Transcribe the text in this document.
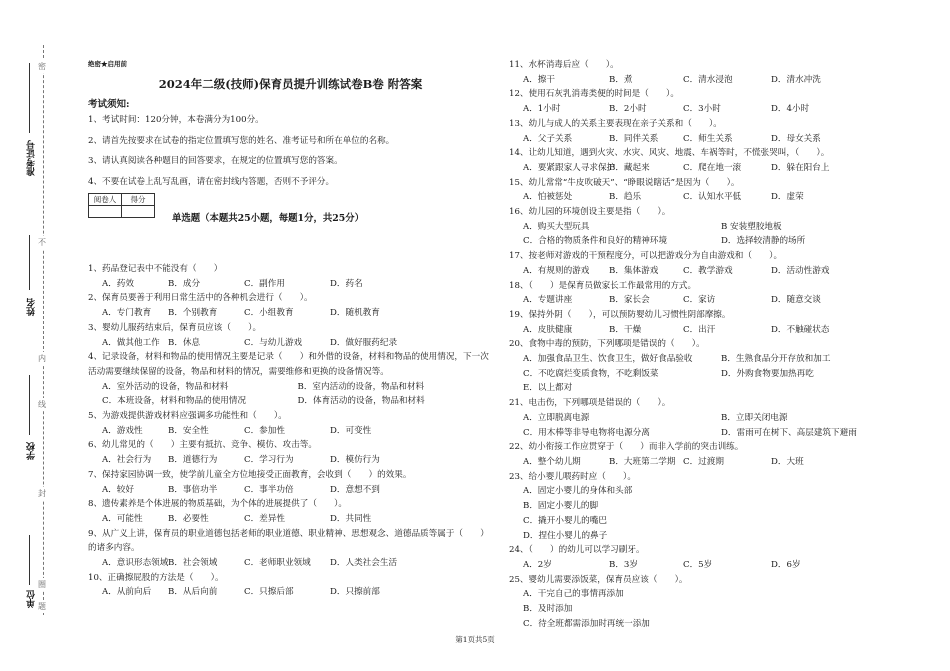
准考证号
姓名
学校
单位
密
不
内
线
封
圈
题
绝密★启用前
2024年二级(技师)保育员提升训练试卷B卷 附答案
考试须知:
1、考试时间：120分钟，本卷满分为100分。
2、请首先按要求在试卷的指定位置填写您的姓名、准考证号和所在单位的名称。
3、请认真阅读各种题目的回答要求，在规定的位置填写您的答案。
4、不要在试卷上乱写乱画，请在密封线内答题，否则不予评分。
阅卷人	得分

单选题（本题共25小题，每题1分，共25分）
1、药品登记表中不能没有（　　）
A．药效	B．成分	C．副作用	D．药名
2、保育员要善于利用日常生活中的各种机会进行（　　）。
A．专门教育	B．个别教育	C．小组教育	D．随机教育
3、婴幼儿服药结束后，保育员应该（　　）。
A．做其他工作 B．休息	C．与幼儿游戏	D．做好服药纪录
4、记录设备，材料和物品的使用情况主要是记录（　　）和外借的设备，材料和物品的使用情况，下一次活动需要继续保留的设备，物品和材料的情况，需要维修和更换的设备情况等。
A．室外活动的设备，物品和材料	B．室内活动的设备，物品和材料
C．本班设备，材料和物品的使用情况	D．体育活动的设备，物品和材料
5、为游戏提供游戏材料应强调多功能性和（　　）。
A．游戏性	B．安全性	C．参加性	D．可变性
6、幼儿常见的（　　）主要有抵抗、竞争、模仿、攻击等。
A．社会行为	B．道德行为	C．学习行为	D．模仿行为
7、保持家园协调一致，使学前儿童全方位地接受正面教育，会收到（　　）的效果。
A．较好	B．事倍功半	C．事半功倍	D．意想不到
8、遗传素养是个体进展的物质基础，为个体的进展提供了（　　）。
A．可能性	B．必要性	C．差异性	D．共同性
9、从广义上讲，保育员的职业道德包括老师的职业道德、职业精神、思想观念、道德品质等属于（　　）的诸多内容。
A．意识形态领域 B．社会领域	C．老师职业领域	D．人类社会生活
10、正确擦屁股的方法是（　　）。
A．从前向后	B．从后向前	C．只擦后部	D．只擦前部
11、水杯消毒后应（　　）。
A．擦干	B．煮	C．清水浸泡	D．清水冲洗
12、使用石灰乳消毒类便的时间是（　　）。
A．1小时	B．2小时	C．3小时	D．4小时
13、幼儿与成人的关系主要表现在亲子关系和（　　）。
A．父子关系	B．同伴关系	C．师生关系	D．母女关系
14、让幼儿知道，遇到火灾、水灾、风灾、地震、车祸等时，不慌张哭叫，（　　）。
A．要紧跟家人寻求保护
B．藏起来	C．爬在地一滚	D．躲在阳台上
15、幼儿常常“牛皮吹破天”、“睁眼说瞎话”是因为（　　）。
A．怕被惩处	B．趋乐	C．认知水平低	D．虚荣
16、幼儿园的环境创设主要是指（　　）。
A．购买大型玩具	B 安装塑胶地板
C．合格的物质条件和良好的精神环境	D．选择较清静的场所
17、按老师对游戏的干预程度分，可以把游戏分为自由游戏和（　　）。
A．有规则的游戏	B．集体游戏	C．教学游戏	D．活动性游戏
18、（　　）是保育员做家长工作最常用的方式。
A．专题讲座	B．家长会	C．家访	D．随意交谈
19、保持外阴（　　），可以预防婴幼儿习惯性阴部摩擦。
A．皮肤健康	B．干燥	C．出汗	D．不触碰状态
20、食物中毒的预防，下列哪项是错误的（　　）。
A．加强食品卫生、饮食卫生，做好食品验收	B．生熟食品分开存放和加工
C．不吃腐烂变质食物，不吃剩饭菜	D．外购食物要加热再吃
E．以上都对
21、电击伤，下列哪项是错误的（　　）。
A．立即脱离电源	B．立即关闭电源
C．用木棒等非导电物将电源分离	D．雷雨可在树下、高层建筑下避雨
22、幼小衔接工作应贯穿于（　　）而非入学前的突击训练。
A．整个幼儿期	B．大班第二学期 C．过渡期	D．大班
23、给小婴儿喂药时应（　　）。
A．固定小婴儿的身体和头部
B．固定小婴儿的脚
C．撬开小婴儿的嘴巴
D．捏住小婴儿的鼻子
24、（　　）的幼儿可以学习刷牙。
A．2岁	B．3岁	C．5岁	D．6岁
25、婴幼儿需要添饭菜，保育员应该（　　）。
A．干完自己的事情再添加
B．及时添加
C．待全班都需添加时再统一添加
第1页共5页
